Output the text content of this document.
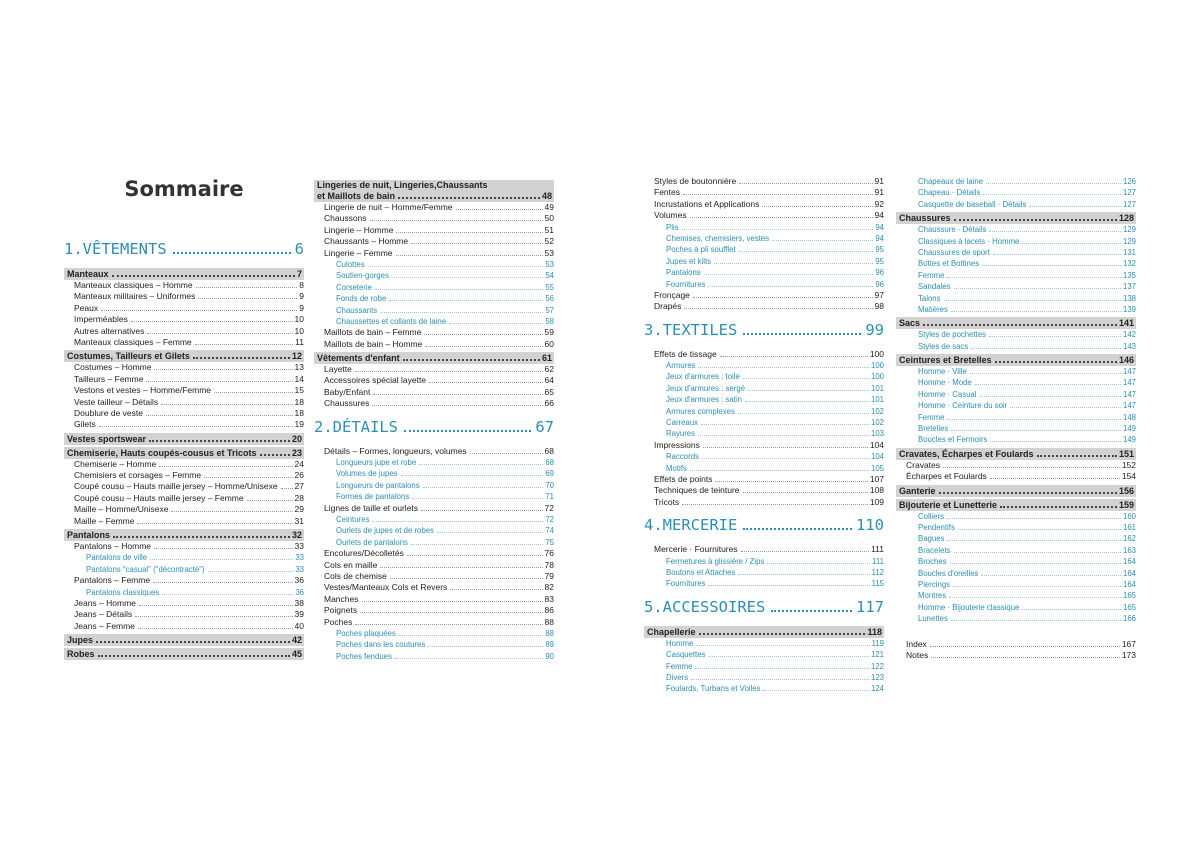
Sommaire
1.VÊTEMENTS	6
Manteaux	7
Manteaux classiques – Homme	8
Manteaux militaires – Uniformes	9
Peaux	9
Imperméables	10
Autres alternatives	10
Manteaux classiques – Femme	11
Costumes, Tailleurs et Gilets	12
Costumes – Homme	13
Tailleurs – Femme	14
Vestons et vestes – Homme/Femme	15
Veste tailleur – Détails	18
Doublure de veste	18
Gilets	19
Vestes sportswear	20
Chemiserie, Hauts coupés-cousus et Tricots	23
Chemiserie – Homme	24
Chemisiers et corsages – Femme	26
Coupé cousu – Hauts maille jersey – Homme/Unisexe 27
Coupé cousu – Hauts maille jersey – Femme	28
Maille – Homme/Unisexe	29
Maille – Femme	31
Pantalons	32
Pantalons – Homme	33
Pantalons de ville	33
Pantalons "casual" ("décontracté")	33
Pantalons – Femme	36
Pantalons classiques	36
Jeans – Homme	38
Jeans – Détails	39
Jeans – Femme	40
Jupes	42
Robes	45
Lingeries de nuit, Lingeries,Chaussants
et Maillots de bain	48
Lingerie de nuit – Homme/Femme	49
Chaussons	50
Lingerie – Homme	51
Chaussants – Homme	52
Lingerie – Femme	53
Culottes	53
Soutien-gorges	54
Corseterie	55
Fonds de robe	56
Chaussants	57
Chaussettes et collants de laine	58
Maillots de bain – Femme	59
Maillots de bain – Homme	60
Vêtements d'enfant	61
Layette	62
Accessoires spécial layette	64
Baby/Enfant	65
Chaussures	66
2.DÉTAILS	67
Détails – Formes, longueurs, volumes	68
Longueurs jupe et robe	68
Volumes de jupes	69
Longueurs de pantalons	70
Formes de pantalons	71
Lignes de taille et ourlets	72
Ceintures	72
Ourlets de jupes et de robes	74
Ourlets de pantalons	75
Encolures/Décolletés	76
Cols en maille	78
Cols de chemise	79
Vestes/Manteaux Cols et Revers	82
Manches	83
Poignets	86
Poches	88
Poches plaquées	88
Poches dans les coutures	89
Poches fendues	90
Styles de boutonnière	91
Fentes	91
Incrustations et Applications	92
Volumes	94
Plis	94
Chemises, chemisiers, vestes	94
Poches à pli soufflet	95
Jupes et kilts	95
Pantalons	96
Fournitures	96
Fronçage	97
Drapés	98
3.TEXTILES	99
Effets de tissage	100
Armures	100
Jeux d'armures : toile	100
Jeux d'armures : sergé	101
Jeux d'armures : satin	101
Armures complexes	102
Carreaux	102
Rayures	103
Impressions	104
Raccords	104
Motifs	105
Effets de points	107
Techniques de teinture	108
Tricots	109
4.MERCERIE	110
Mercerie · Fournitures	111
Fermetures à glissière / Zips	111
Boutons et Attaches	112
Fournitures	115
5.ACCESSOIRES	117
Chapellerie	118
Homme	119
Casquettes	121
Femme	122
Divers	123
Foulards, Turbans et Voiles	124
Chapeaux de laine	126
Chapeau · Détails	127
Casquette de baseball · Détails	127
Chaussures	128
Chaussure · Détails	129
Classiques à lacets · Homme	129
Chaussures de sport	131
Bottes et Bottines	132
Femme	135
Sandales	137
Talons	138
Matières	139
Sacs	141
Styles de pochettes	142
Styles de sacs	143
Ceintures et Bretelles	146
Homme · Ville	147
Homme · Mode	147
Homme · Casual	147
Homme · Ceinture du soir	147
Femme	148
Bretelles	149
Boucles et Fermoirs	149
Cravates, Écharpes et Foulards	151
Cravates	152
Écharpes et Foulards	154
Ganterie	156
Bijouterie et Lunetterie	159
Colliers	160
Pendentifs	161
Bagues	162
Bracelets	163
Broches	164
Boucles d'oreilles	164
Piercings	164
Montres	165
Homme · Bijouterie classique	165
Lunettes	166
Index	167
Notes	173
